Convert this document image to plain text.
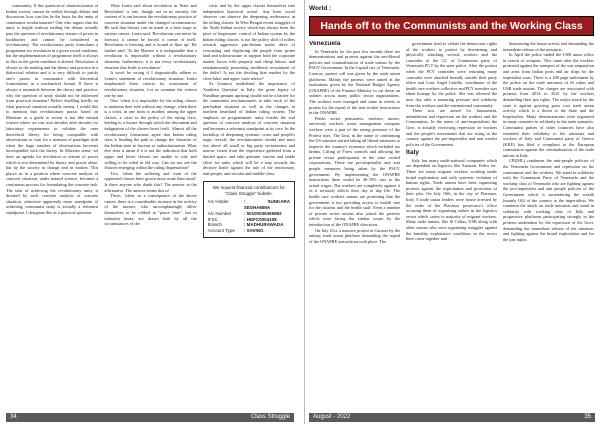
community. If this question of characterization of Indian society cannot be settled through debate and discussion, how can this be the basis for the unity of communist revolutionaries? One who argues that the unity is fragile without settling the debate actually puts the question of revolutionary seizure of power in backburner and cannot be considered as revolutionary. The revolutionary party formulates a programme for revolution in a given social condition, but the implementation of programme itself is always in flux as the given condition is altered. Revolution is always in the making and the theory and practice in a dialectical relation and it is very difficult to justify one's praxis in consonance with theoretical formulations in a mechanical format. If there is always a mismatch between the theory and practice, why the question of unity should not be addressed from practical situation? Before dwelling briefly on what practical situation actually means, I would like to mention that revolutionary praxis based on Marxism as a guide to action is not like natural science where we can wait decades after decades for laboratory experiments to validate the ones theoretical theory for being compatible with observations or wait for a moment of paradigm shift when the large number of observations becomes incompatible with the theory. In Marxian sense, we have an agenda for revolution or seizure of power which is not determined by theory and praxis alone, but by the society in change and in motion. This places us in a position where concrete analysis of concrete situation, under natural science, becomes a continuous process for formulating the concrete task. The task of achieving the revolutionary unity is dictated by such concrete analysis of concrete situation, otherwise apparently more standpoint of achieving communist unity is actually a reformist standpoint. I designate this as a practical question.

What Lenin said about revolution in 'State and Revolution' is true, though not in its entirety, the content of it can become the revolutionary practice of concrete situation under the changed circumstances. He said that history can be made at a later stage or various causes. Lenin said, 'Revolutions can never be forecast; it cannot be forced; it comes of itself. Revolution is brewing and is bound to flare up'. He further said, 'To the Marxist it is indisputable that a revolution is impossible without a revolutionary situation; furthermore, it is not every revolutionary situation that leads to revolution'.

It won't be wrong if I dogmatically adhere to Lenin's statement of revolutionary situation. Lenin emphasized three criteria for assessment of revolutionary situation. Let us examine the criteria one by one.

One, 'when it is impossible for the ruling classes to maintain their rule without any change, when there is a crisis, in one form or another, among the upper classes, a crisis in the policy of the ruling class, leading to a fissure through which the discontent and indignation of the classes burst forth'. Almost all the revolutionary formations agree that Indian ruling class is heading the path to change the character of the Indian state to fascism or authoritarianism. What else does it mean if it is not the indication that both upper and lower classes are unable to rule and willing to be ruled in old way. Can we not see the fissures emerging within the ruling dispensation?

Two, 'when the suffering and want of the oppressed classes have grown more acute than usual'. Is there anyone who doubt this? The answer in the affirmative. The answer seems this is!

Three, 'when, as a consequence of the above causes, there is a considerable increase in the activity of the masses, who uncomplainingly allow themselves to be robbed in "peace time", but in turbulent times, are drawn both by all the circumstances of the

crisis and by the upper classes themselves into independent historical action'. Any keen social observer can observe the deepening restlessness in the toiling classes. In West Bengal recent struggles of the North Indian society which has always been the pivot of hegemonic control of Indian system by the Indian ruling classes, is not the policy shift of toilers towards aggressive pan-Indian statist drive of evacuating and displacing the people from prime land and infrastructure to support both the corporate market forces with property and cheap labour, and simultaneously promoting neoliberal recruitment of the dalits? Is not the dividing bias market by the close-labor and upper caste advice?

As Gramsci underlined the importance of 'Southern Question' in Italy, the great legacy of Naxalbari peasant uprising should not be a barrier for the communist revolutionaries to take stock of the pan-Indian situation as well as the changes in northern heartland of Indian ruling system. The emphasis on programmatic unity evades the real question of concrete analysis of concrete situation and becomes a reformist standpoint at its core. In the backdrop of deepening systemic crisis and people's tragic revival, the revolutionaries should and must rise above all small or big party sectarianism and narrow vision from the experience gathered from a limited space, and take genuine, sincere and stable effort for unity which will be a step towards the decisive battle against the rule of the reactionary, anti-people, anti-secular and middle-class.

We request financial contributions for "Class Struggle" bulletin.
A/c Holder	: SUNKARA SESHAMMA
A/c Number	: 50100036365892
IFSC	: HDFC0004108
Branch	: MADHURAWADA
Account Type	: SAVING
34	Class Struggle
World :
Hands off to the Communists and the Working Class
Venezuela

In Venezuela for the past few months there are demonstrations and protests against the neo-liberal policies and criminalisation of trade unions by the PSUV Government. In the Capital city of Venezuela, Caracas, protest call was given by the trade union platforms. Mainly the protests were aimed at the institutions given by the National Budget Agency (ONAPRE) of the Finance Ministry to cut down on salaries across many public sector organizations. The workers were outraged and came in streets to protest for the repeal of the anti worker instructions in the ONAPRE.

Public sector pensioners, teachers, nurses, university workers, waste management company workers were a part of the strong presence of the Protest sites. The Unit, in the name of confronting the US sanction started taking all liberal measures to improve the country's economy which included tax breaks, Lifting of Forex controls and allowing the private sector participation in the state owned corporations. These are pro-imperialist and anti people measures being taken by the PSUV government. By implementing the ONAPRE instructions there would be 40-70% cuts to the actual wages. The workers are completely against it as it seriously affects their day to day life. The health care workers unions are protesting that the government is not providing access to health care for the citizens and the health staff. Even a number of private sector unions also joined the protests which were facing the similar issues by the introduction of the ONAPRE directions.

On July 21st, a massive protest in Caracas by the unitary trade union platform demanding the repeal of the ONAPRE instructions took place. The

government tried to violate the democratic rights of the workers to protest by threatening and physically attacking several workers and the comrades of the CC of Communist party of Venezuela PCV by the state police. After the protest when the PCV comrades were returning many comrades were attacked brutally outside their party office and Com. Angel Castillo, coordinator of the health care workers collective and PCV member was taken hostage by the police. She was released the next day after a mounting pressure and solidarity from the workers and the international community.

These acts are aimed for harassment, intimidation and repression on the workers and the Communists. In the name of anti-imperialism the Govt. is actually exercising repression on workers and the people's movements that are rising in the country against the pro-imperialist and anti worker policies of the Government.

Italy

Italy has many multi-national companies which are dependent on logistics like Amazon, Fedex etc. There are many migrant workers working under brutal exploitation and with systemic violation of human rights. Trade unions have been organizing protests against the exploitation and protection of their jobs. On July 19th, in the city of Piacenza, Italy, 8 trade union leaders were house arrested by the order of the Piacenza prosecutor's office accusing them of organising strikes in the logistics sector which caters to majority of migrant workers. Many trade unions, like SI Cobas, USB along with other unions who were organizing struggles against the brutality exploitative conditions in the sector have come together and

denouncing the house arrests and demanding the immediate release of the unionists.

In April the police raided the USB union office in search of weapons. This came after the workers protested against the transport of the war amputation and arms from Italian ports and air ships for the imperialist wars. There is a 200 page indictment by the police on the trade unionists of SI cobas and USB trade unions. The charges are associated with protests from 2014 to 2021 by the workers demanding their just rights. The major attack by the state is against growing grass root trade union activity which is a threat to the State and the Imperialists. Many demonstrations were organized in many countries in solidarity to the trade unionists. Communist parties of other countries have also extended their solidarity to the unionists and workers of Italy and Communist party of Greece (KKE) has filed a complaint to the European commission against the criminalization of the trade unions in Italy.

CPI(ML) condemns the anti-people policies of the Venezuela Government and repression on the communists and the workers. We stand in solidarity with the Communist Party of Venezuela and the working class of Venezuela who are fighting against the pro-imperialist and anti people policies of the Government which is surrendering the wealth (mainly Oil) of the country to the imperialists. We condemn the attack on trade unionists and stand in solidarity with working class of Italy and progressive platforms participating strongly in the protests undertaken by the repression of the Govt. demanding the immediate release of the unionists and fighting against the brutal exploitation and for the just rights.

August - 2022	35
